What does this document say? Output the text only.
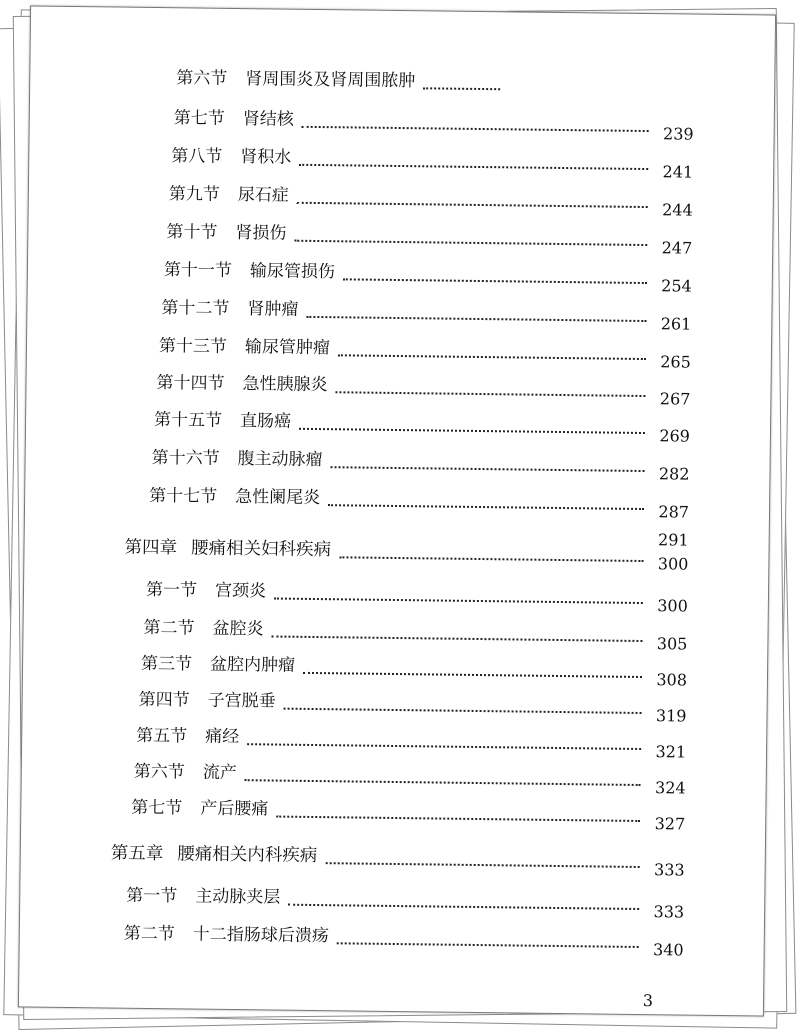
第六节 肾周围炎及肾周围脓肿
第七节 肾结核
239
第八节 肾积水
241
第九节 尿石症
244
第十节 肾损伤
247
第十一节 输尿管损伤
254
第十二节 肾肿瘤
261
第十三节 输尿管肿瘤
265
第十四节 急性胰腺炎
267
第十五节 直肠癌
269
第十六节 腹主动脉瘤
282
第十七节 急性阑尾炎
287
291
第四章 腰痛相关妇科疾病
300
第一节 宫颈炎
300
第二节 盆腔炎
305
第三节 盆腔内肿瘤
308
第四节 子宫脱垂
319
第五节 痛经
321
第六节 流产
324
第七节 产后腰痛
327
第五章 腰痛相关内科疾病
333
第一节 主动脉夹层
333
第二节 十二指肠球后溃疡
340
3
